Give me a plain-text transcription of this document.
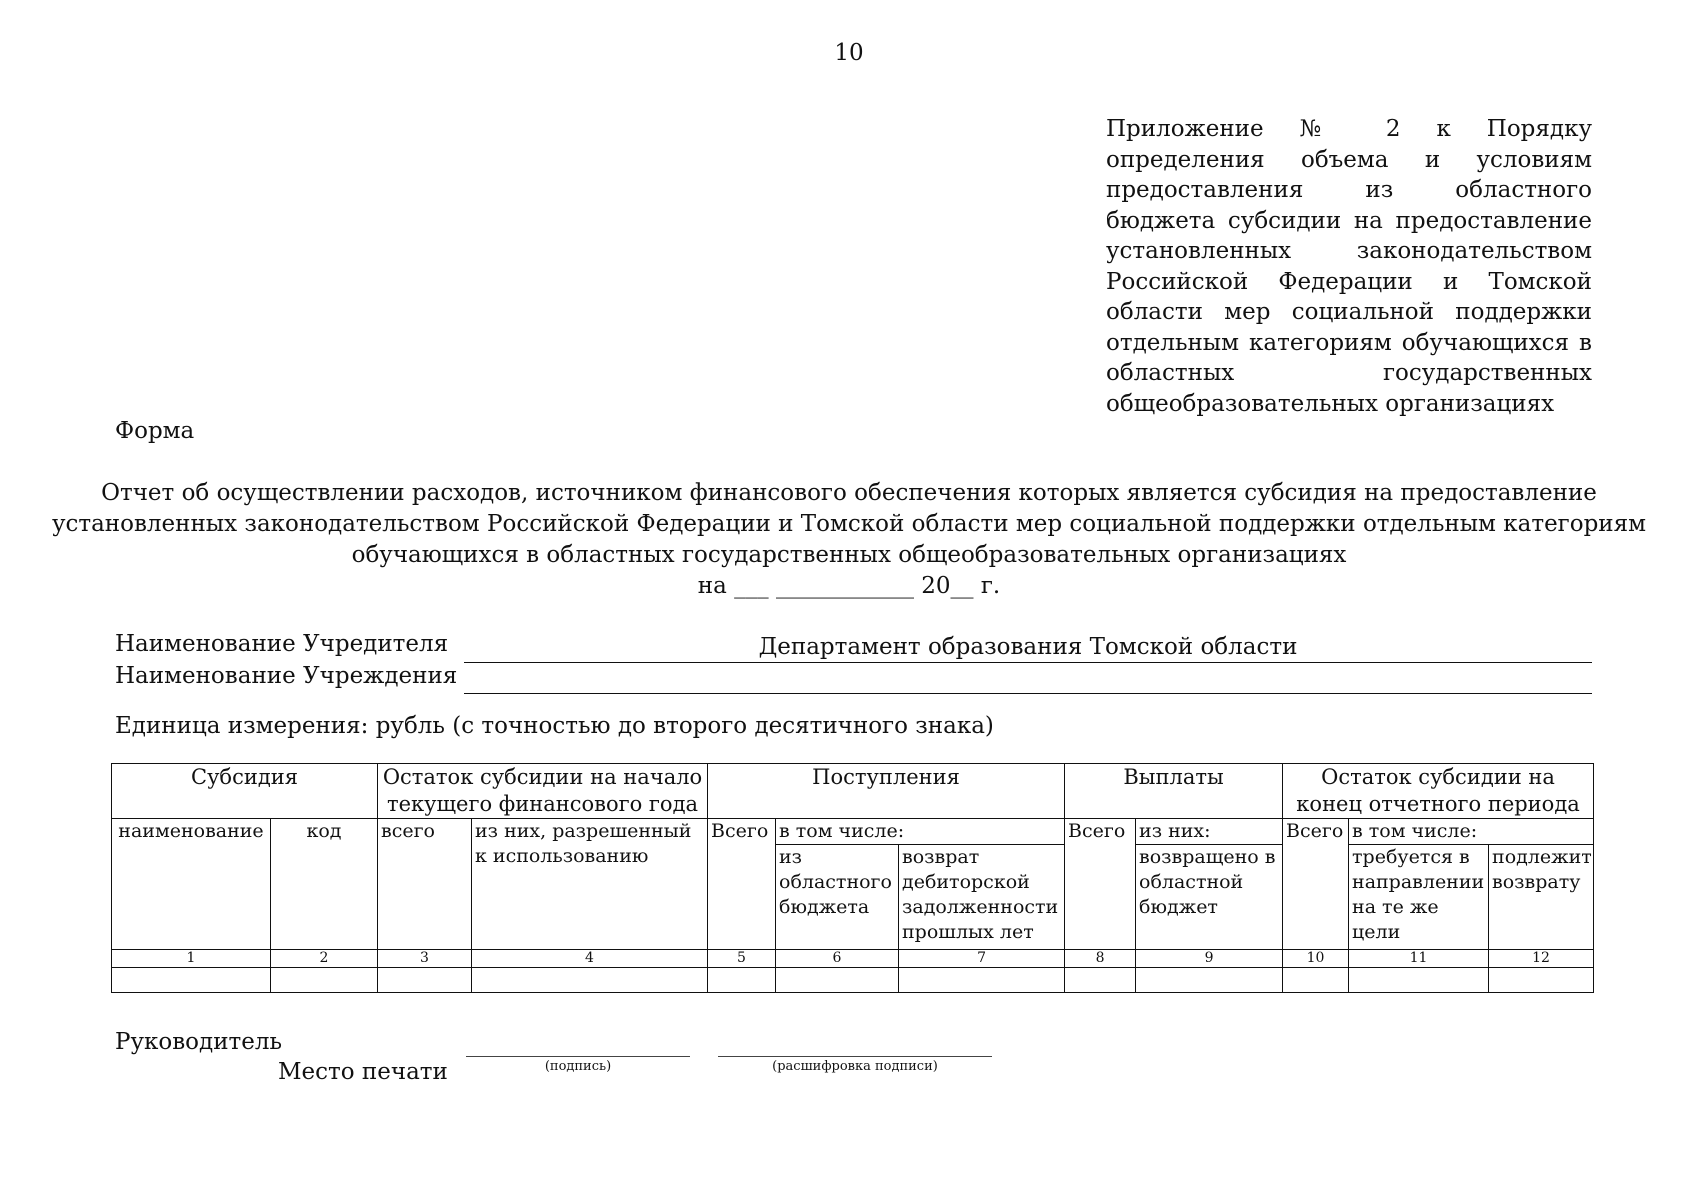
10
Приложение № 2 к Порядку определения объема и условиям предоставления из областного бюджета субсидии на предоставление установленных законодательством Российской Федерации и Томской области мер социальной поддержки отдельным категориям обучающихся в областных государственных общеобразовательных организациях
Форма
Отчет об осуществлении расходов, источником финансового обеспечения которых является субсидия на предоставление
установленных законодательством Российской Федерации и Томской области мер социальной поддержки отдельным категориям
обучающихся в областных государственных общеобразовательных организациях
на ___ ____________ 20__ г.
Наименование Учредителя	Департамент образования Томской области
Наименование Учреждения
Единица измерения: рубль (с точностью до второго десятичного знака)
Субсидия		Остаток субсидии на начало текущего финансового года		Поступления			Выплаты		Остаток субсидии на конец отчетного периода		
наименование	код	всего	из них, разрешенный к использованию	Всего	в том числе:		Всего	из них:	Всего	в том числе:	
					из областного бюджета	возврат дебиторской задолженности прошлых лет		возвращено в областной бюджет		требуется в направлении на те же цели	подлежит возврату
1	2	3	4	5	6	7	8	9	10	11	12

Руководитель
Место печати	(подпись)	(расшифровка подписи)
